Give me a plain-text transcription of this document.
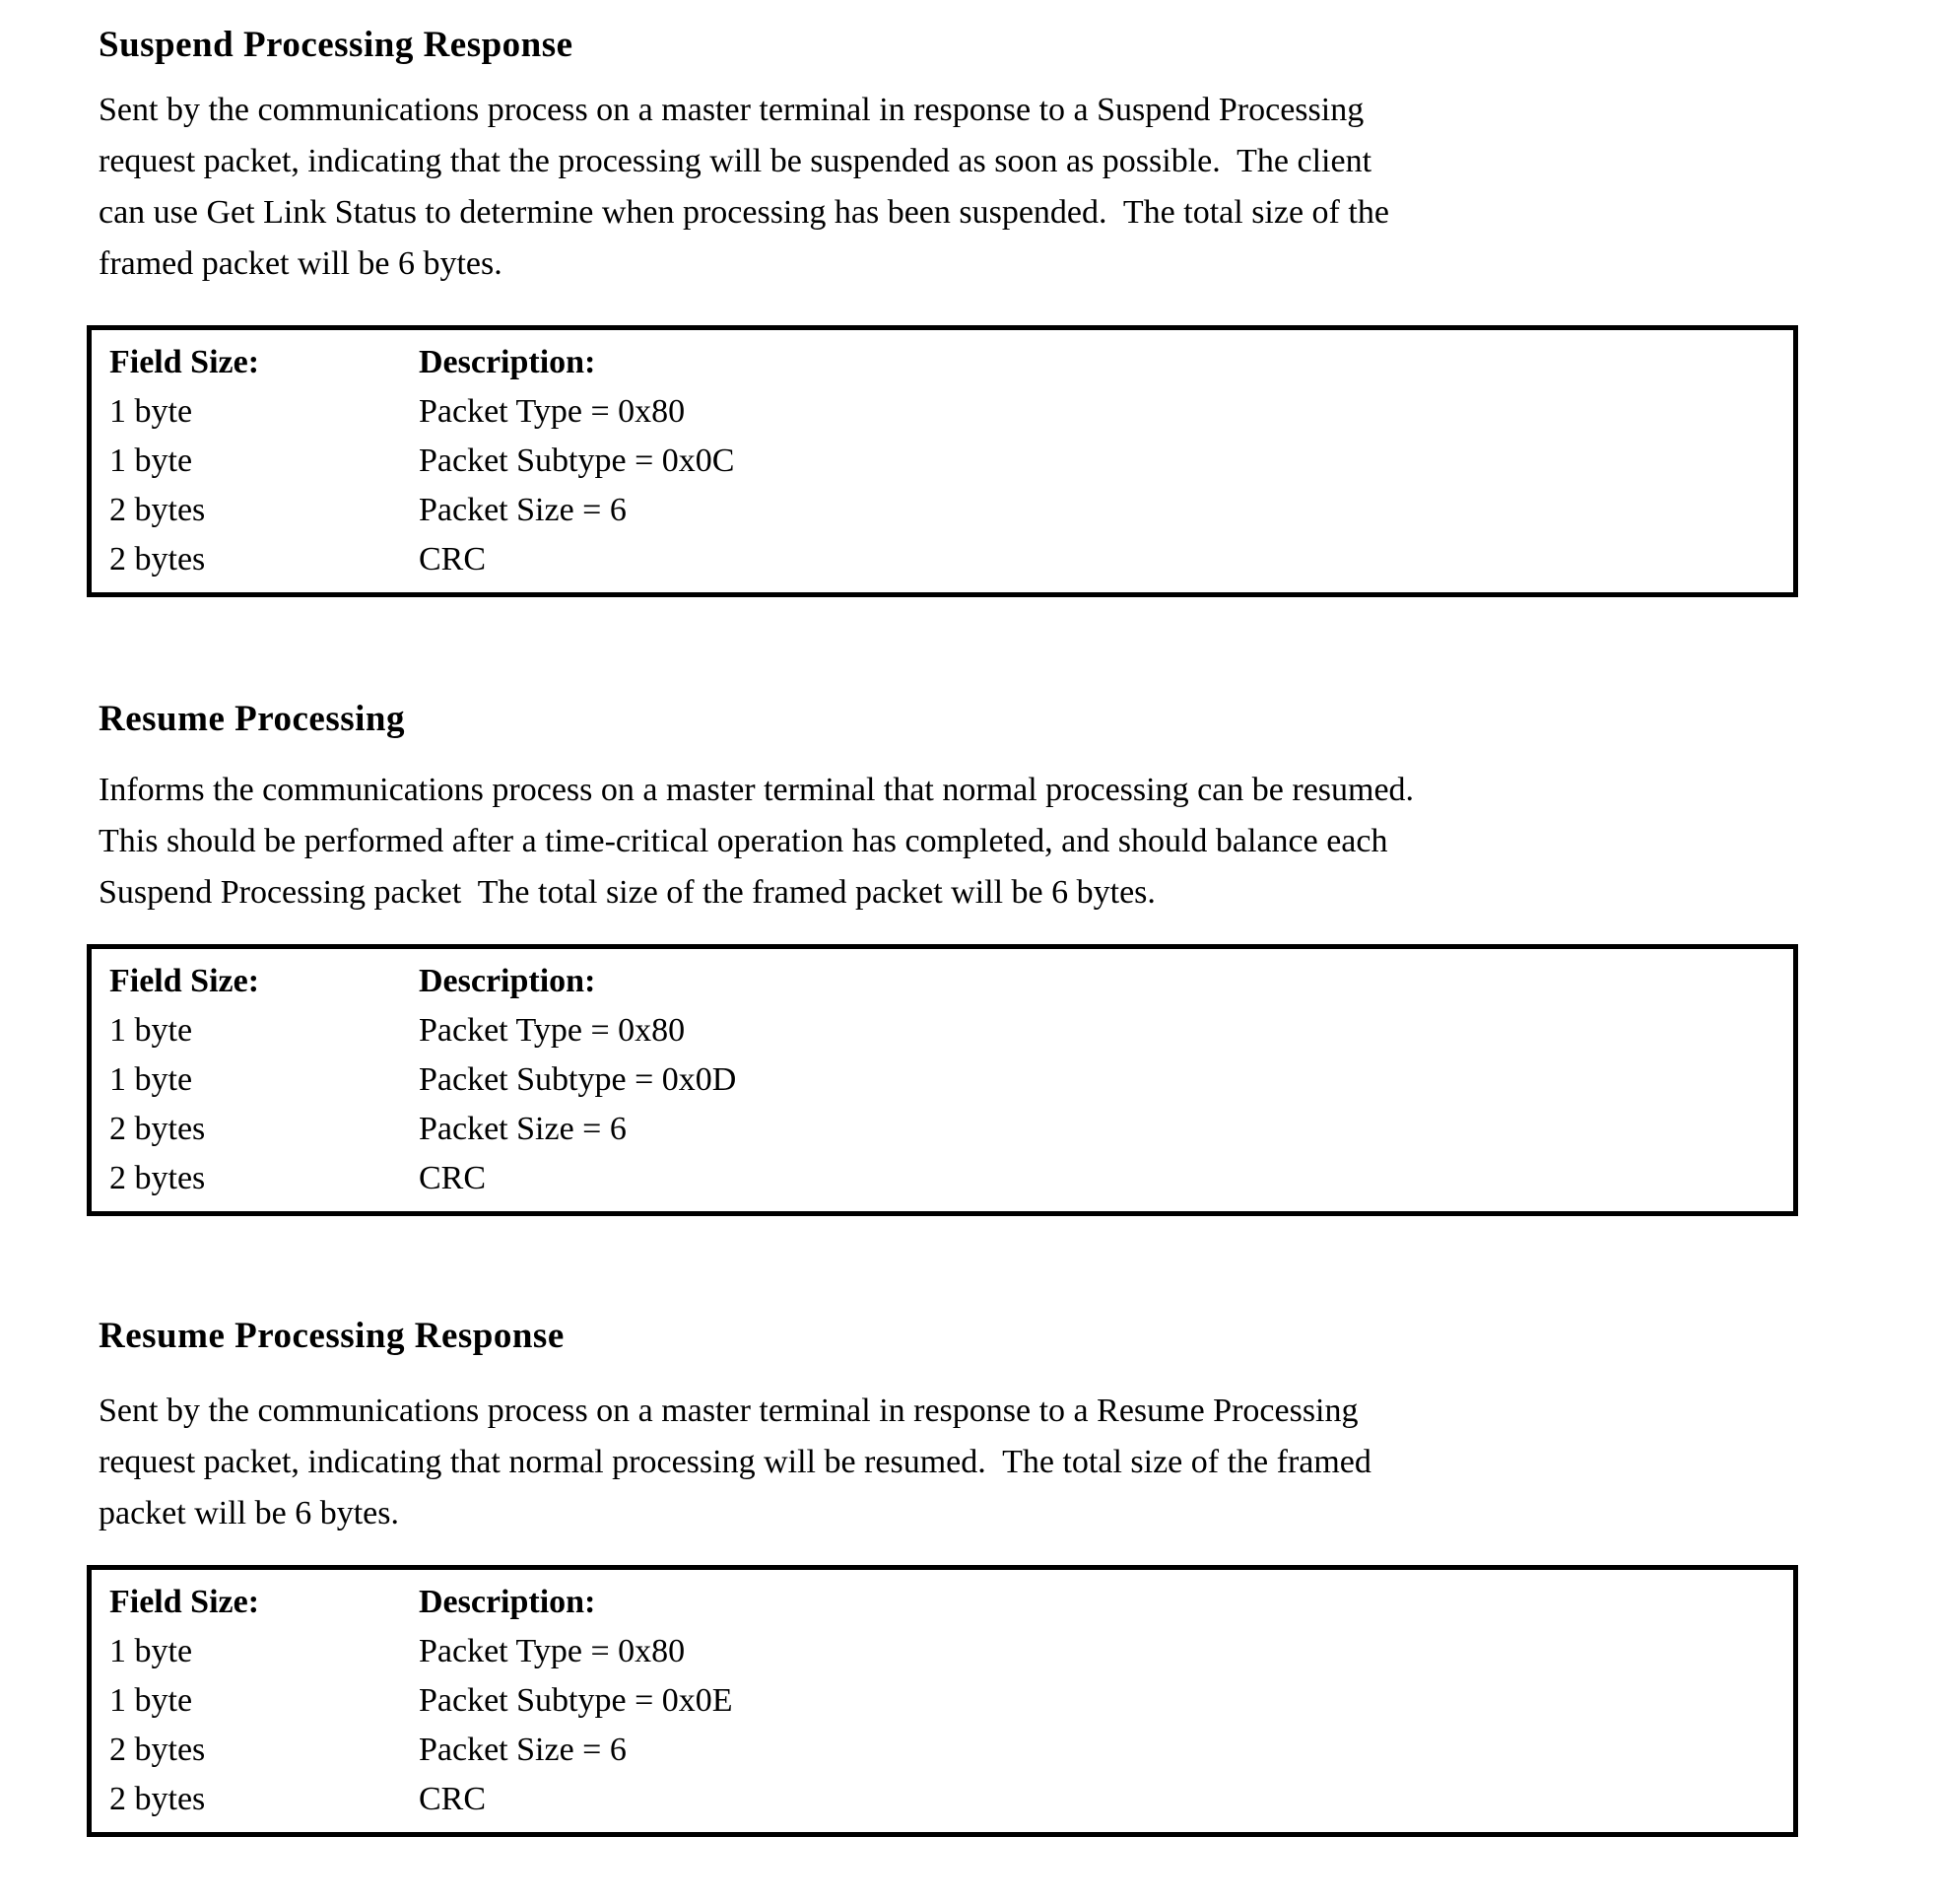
Suspend Processing Response
Sent by the communications process on a master terminal in response to a Suspend Processing
request packet, indicating that the processing will be suspended as soon as possible.  The client
can use Get Link Status to determine when processing has been suspended.  The total size of the
framed packet will be 6 bytes.
Field Size:	Description:
1 byte	Packet Type = 0x80
1 byte	Packet Subtype = 0x0C
2 bytes	Packet Size = 6
2 bytes	CRC
Resume Processing
Informs the communications process on a master terminal that normal processing can be resumed.
This should be performed after a time-critical operation has completed, and should balance each
Suspend Processing packet  The total size of the framed packet will be 6 bytes.
Field Size:	Description:
1 byte	Packet Type = 0x80
1 byte	Packet Subtype = 0x0D
2 bytes	Packet Size = 6
2 bytes	CRC
Resume Processing Response
Sent by the communications process on a master terminal in response to a Resume Processing
request packet, indicating that normal processing will be resumed.  The total size of the framed
packet will be 6 bytes.
Field Size:	Description:
1 byte	Packet Type = 0x80
1 byte	Packet Subtype = 0x0E
2 bytes	Packet Size = 6
2 bytes	CRC
